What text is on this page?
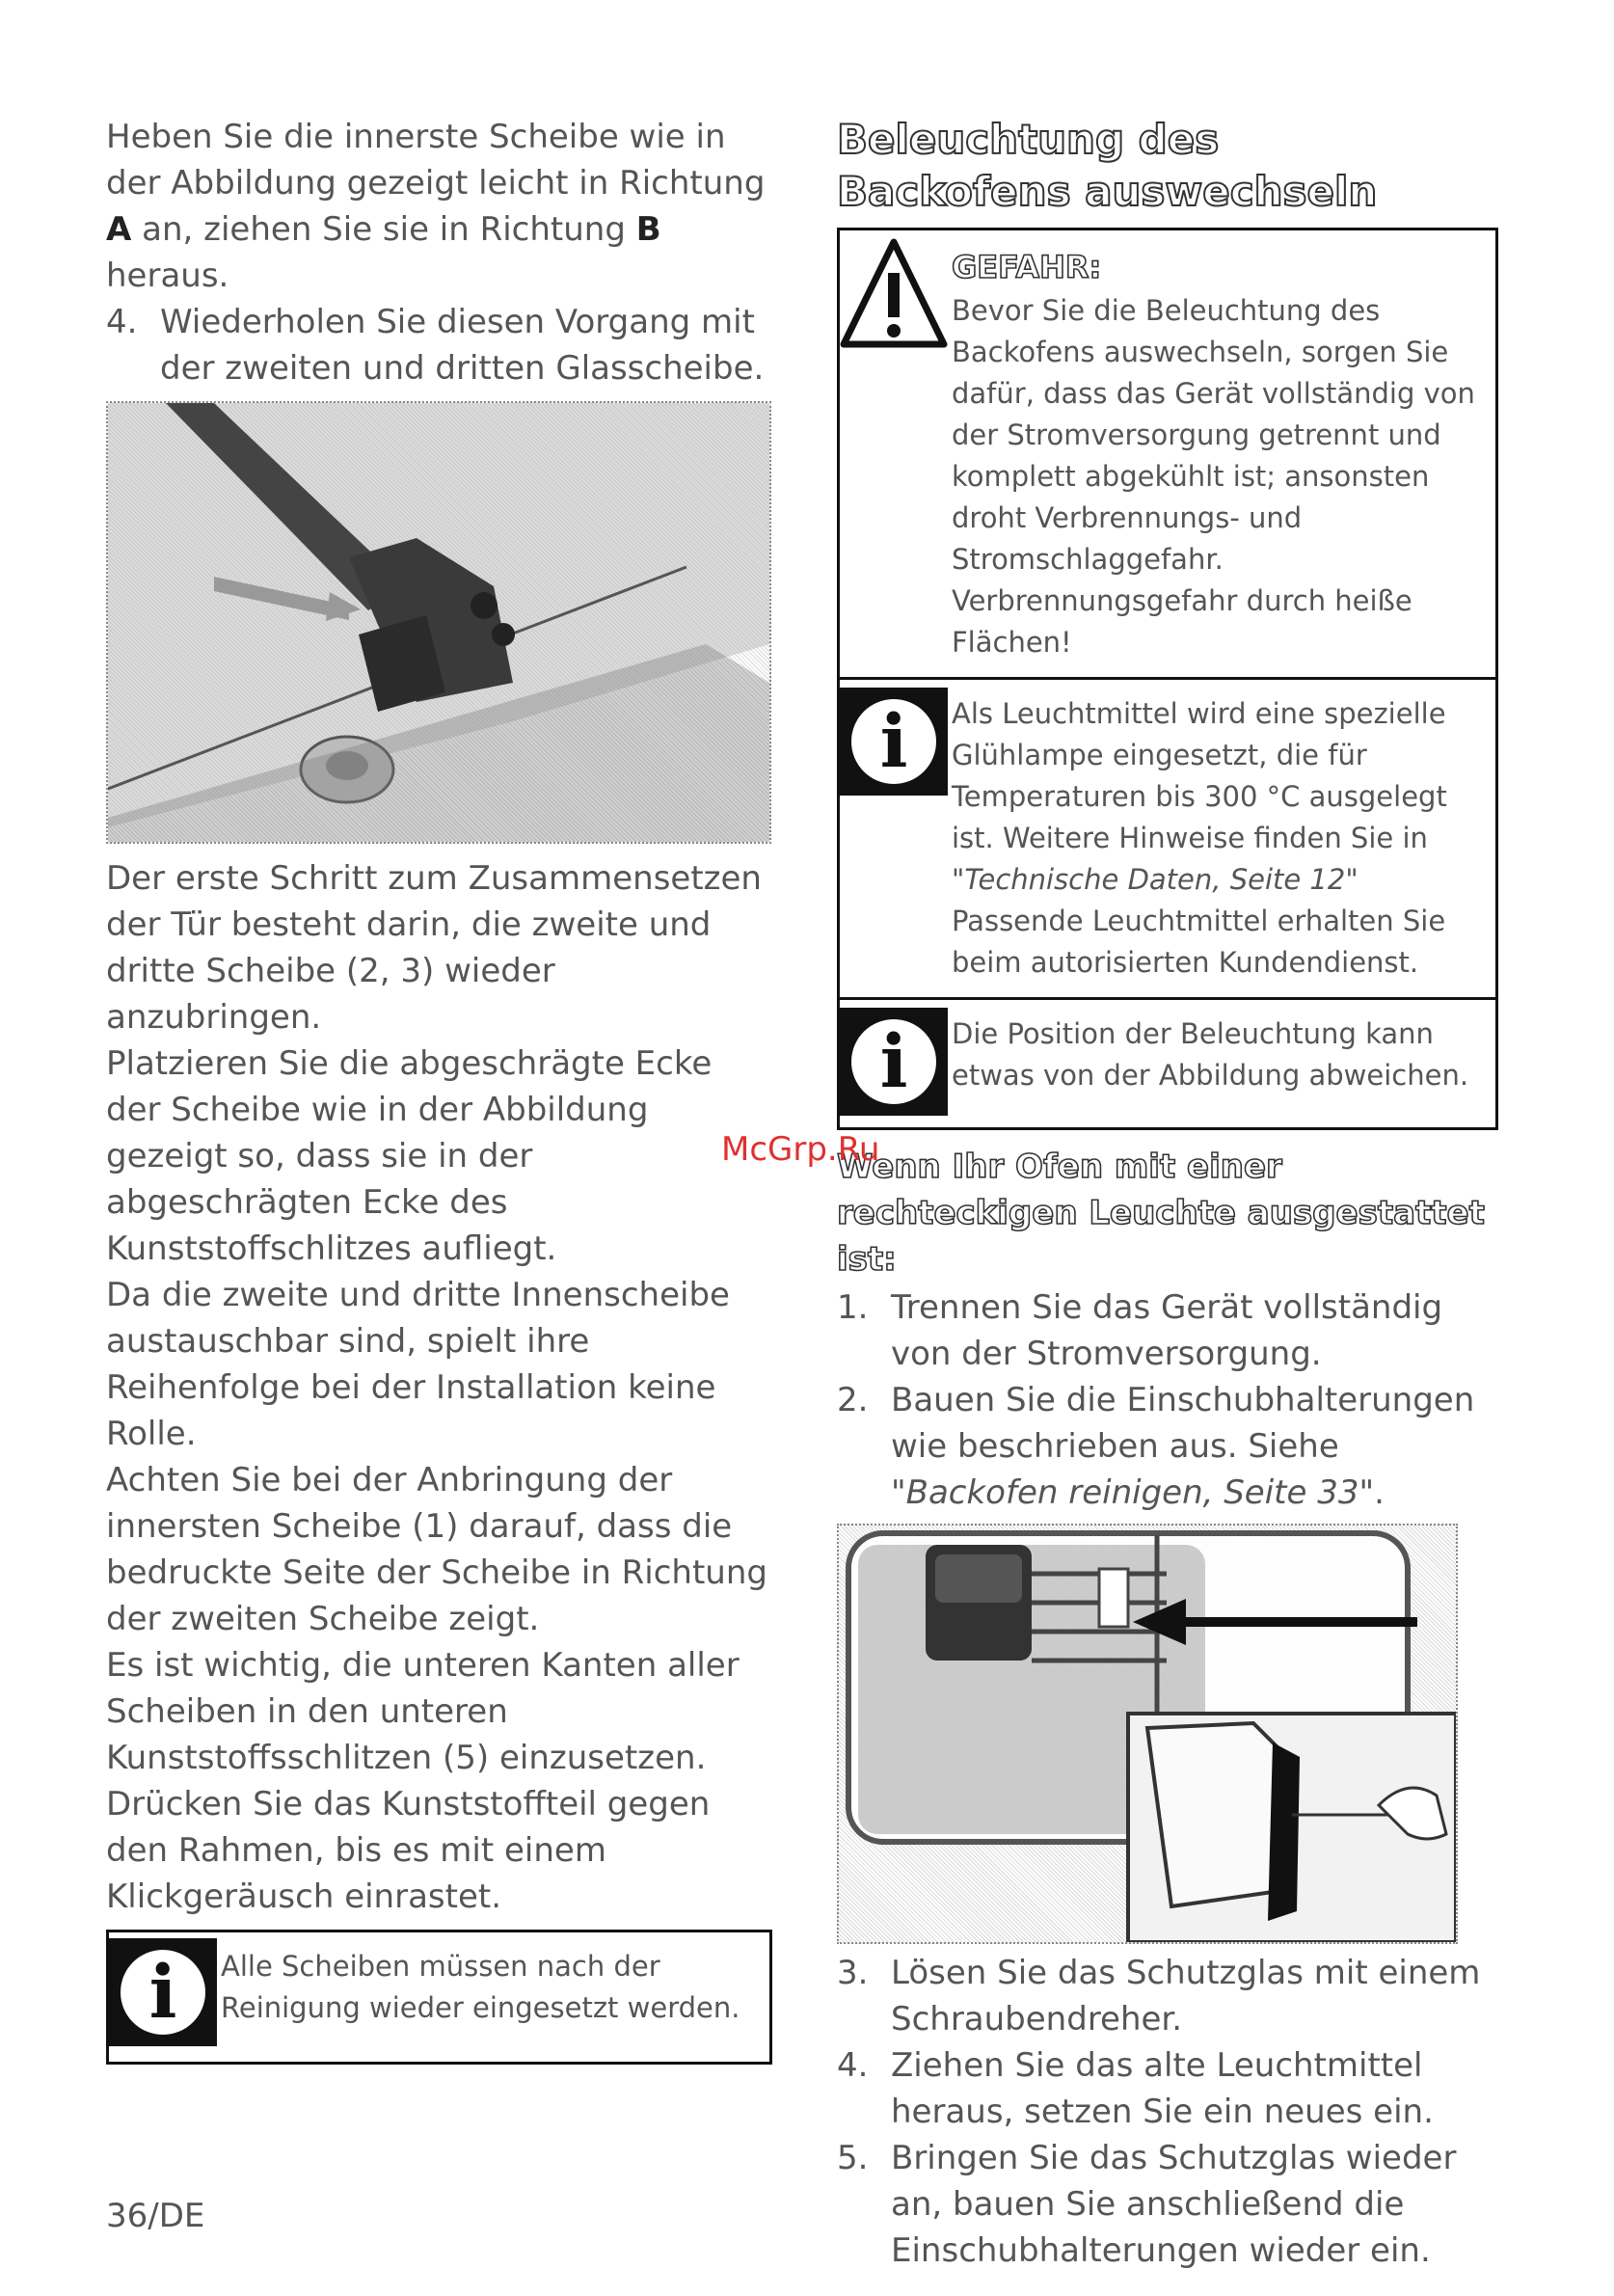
Heben Sie die innerste Scheibe wie in der Abbildung gezeigt leicht in Richtung A an, ziehen Sie sie in Richtung B heraus.

4. Wiederholen Sie diesen Vorgang mit der zweiten und dritten Glasscheibe.

Der erste Schritt zum Zusammensetzen der Tür besteht darin, die zweite und dritte Scheibe (2, 3) wieder anzubringen.

Platzieren Sie die abgeschrägte Ecke der Scheibe wie in der Abbildung gezeigt so, dass sie in der abgeschrägten Ecke des Kunststoffschlitzes aufliegt.

Da die zweite und dritte Innenscheibe austauschbar sind, spielt ihre Reihenfolge bei der Installation keine Rolle.

Achten Sie bei der Anbringung der innersten Scheibe (1) darauf, dass die bedruckte Seite der Scheibe in Richtung der zweiten Scheibe zeigt.

Es ist wichtig, die unteren Kanten aller Scheiben in den unteren Kunststoffsschlitzen (5) einzusetzen.

Drücken Sie das Kunststoffteil gegen den Rahmen, bis es mit einem Klickgeräusch einrastet.

i	Alle Scheiben müssen nach der Reinigung wieder eingesetzt werden.
Beleuchtung des Backofens auswechseln
GEFAHR:
Bevor Sie die Beleuchtung des Backofens auswechseln, sorgen Sie dafür, dass das Gerät vollständig von der Stromversorgung getrennt und komplett abgekühlt ist; ansonsten droht Verbrennungs- und Stromschlaggefahr. Verbrennungsgefahr durch heiße Flächen!
i	Als Leuchtmittel wird eine spezielle Glühlampe eingesetzt, die für Temperaturen bis 300 °C ausgelegt ist. Weitere Hinweise finden Sie in "Technische Daten, Seite 12" Passende Leuchtmittel erhalten Sie beim autorisierten Kundendienst.
i	Die Position der Beleuchtung kann etwas von der Abbildung abweichen.
Wenn Ihr Ofen mit einer rechteckigen Leuchte ausgestattet ist:
1. Trennen Sie das Gerät vollständig von der Stromversorgung.
2. Bauen Sie die Einschubhalterungen wie beschrieben aus. Siehe "Backofen reinigen, Seite 33".
3. Lösen Sie das Schutzglas mit einem Schraubendreher.
4. Ziehen Sie das alte Leuchtmittel heraus, setzen Sie ein neues ein.
5. Bringen Sie das Schutzglas wieder an, bauen Sie anschließend die Einschubhalterungen wieder ein.
McGrp.Ru
36/DE
